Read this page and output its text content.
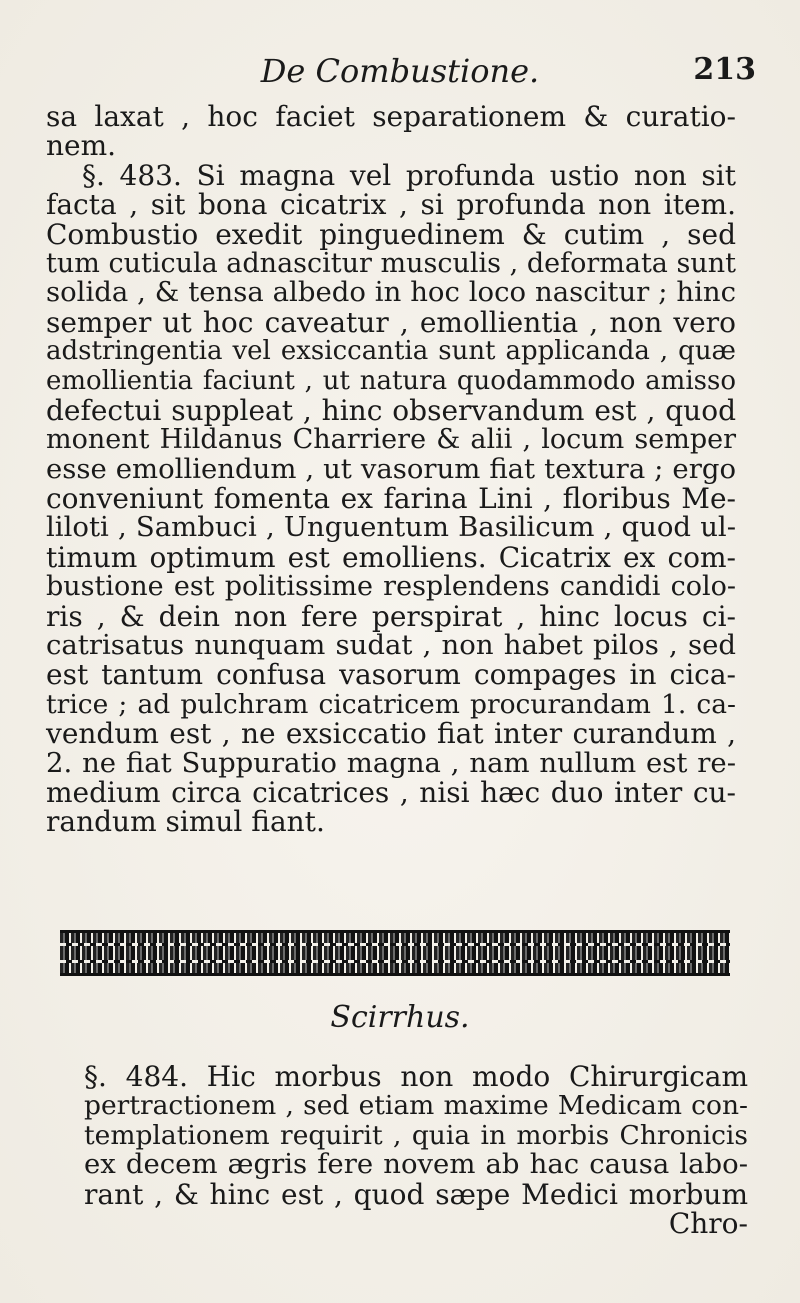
De Combustione.	213
sa laxat , hoc faciet separationem & curatio-
nem.
§. 483. Si magna vel profunda ustio non sit
facta , sit bona cicatrix , si profunda non item.
Combustio exedit pinguedinem & cutim , sed
tum cuticula adnascitur musculis , deformata sunt
solida , & tensa albedo in hoc loco nascitur ; hinc
semper ut hoc caveatur , emollientia , non vero
adstringentia vel exsiccantia sunt applicanda , quæ
emollientia faciunt , ut natura quodammodo amisso
defectui suppleat , hinc observandum est , quod
monent Hildanus Charriere & alii , locum semper
esse emolliendum , ut vasorum fiat textura ; ergo
conveniunt fomenta ex farina Lini , floribus Me-
liloti , Sambuci , Unguentum Basilicum , quod ul-
timum optimum est emolliens. Cicatrix ex com-
bustione est politissime resplendens candidi colo-
ris , & dein non fere perspirat , hinc locus ci-
catrisatus nunquam sudat , non habet pilos , sed
est tantum confusa vasorum compages in cica-
trice ; ad pulchram cicatricem procurandam 1. ca-
vendum est , ne exsiccatio fiat inter curandum ,
2. ne fiat Suppuratio magna , nam nullum est re-
medium circa cicatrices , nisi hæc duo inter cu-
randum simul fiant.
Scirrhus.
§. 484. Hic morbus non modo Chirurgicam
pertractionem , sed etiam maxime Medicam con-
templationem requirit , quia in morbis Chronicis
ex decem ægris fere novem ab hac causa labo-
rant , & hinc est , quod sæpe Medici morbum
Chro-
